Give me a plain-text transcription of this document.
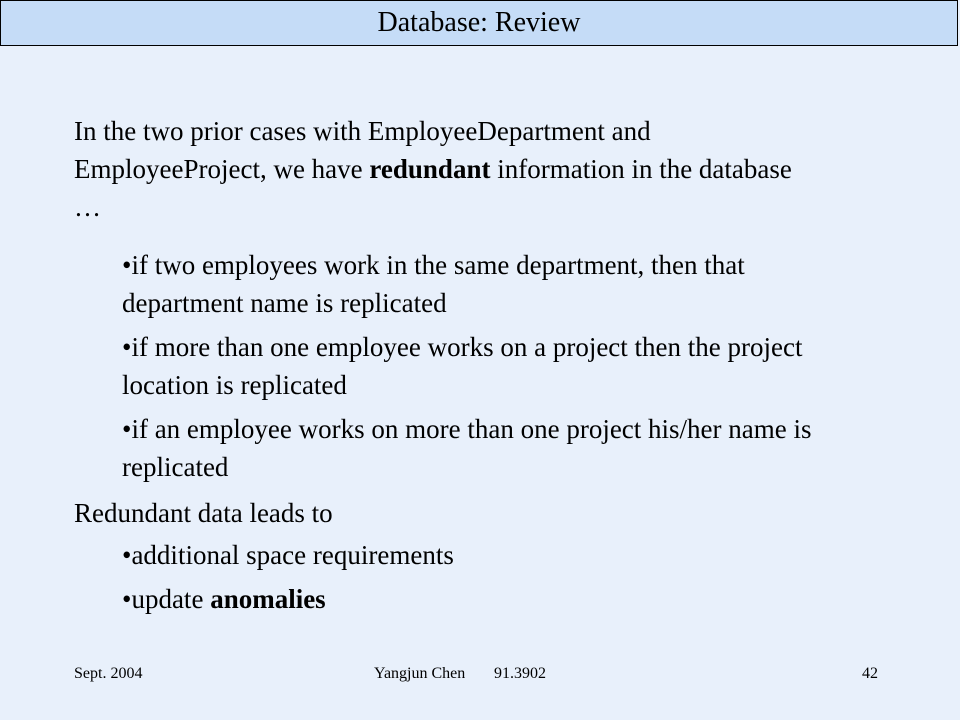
Database: Review

In the two prior cases with EmployeeDepartment and EmployeeProject, we have redundant information in the database …

•if two employees work in the same department, then that department name is replicated
•if more than one employee works on a project then the project location is replicated
•if an employee works on more than one project his/her name is replicated

Redundant data leads to

•additional space requirements
•update anomalies
Sept. 2004	Yangjun Chen 91.3902	42
